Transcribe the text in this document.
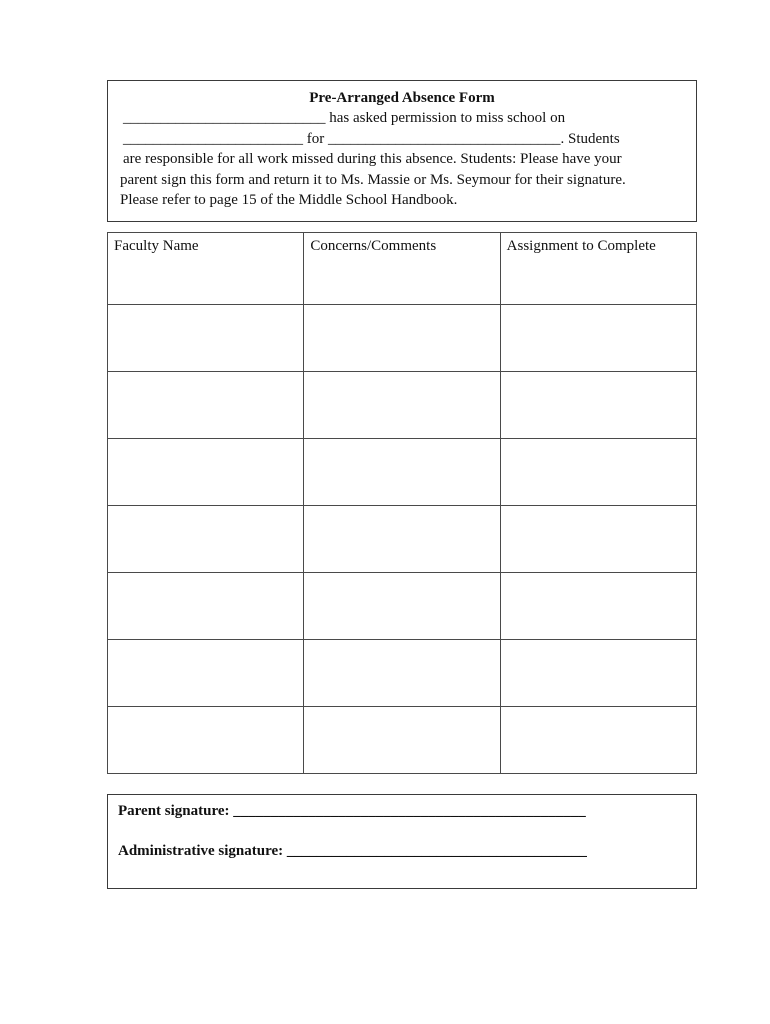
Pre-Arranged Absence Form
___________________________ has asked permission to miss school on
________________________ for _______________________________. Students
are responsible for all work missed during this absence. Students: Please have your
parent sign this form and return it to Ms. Massie or Ms. Seymour for their signature.
Please refer to page 15 of the Middle School Handbook.
Faculty Name	Concerns/Comments	Assignment to Complete

Parent signature: _______________________________________________
Administrative signature: ________________________________________
